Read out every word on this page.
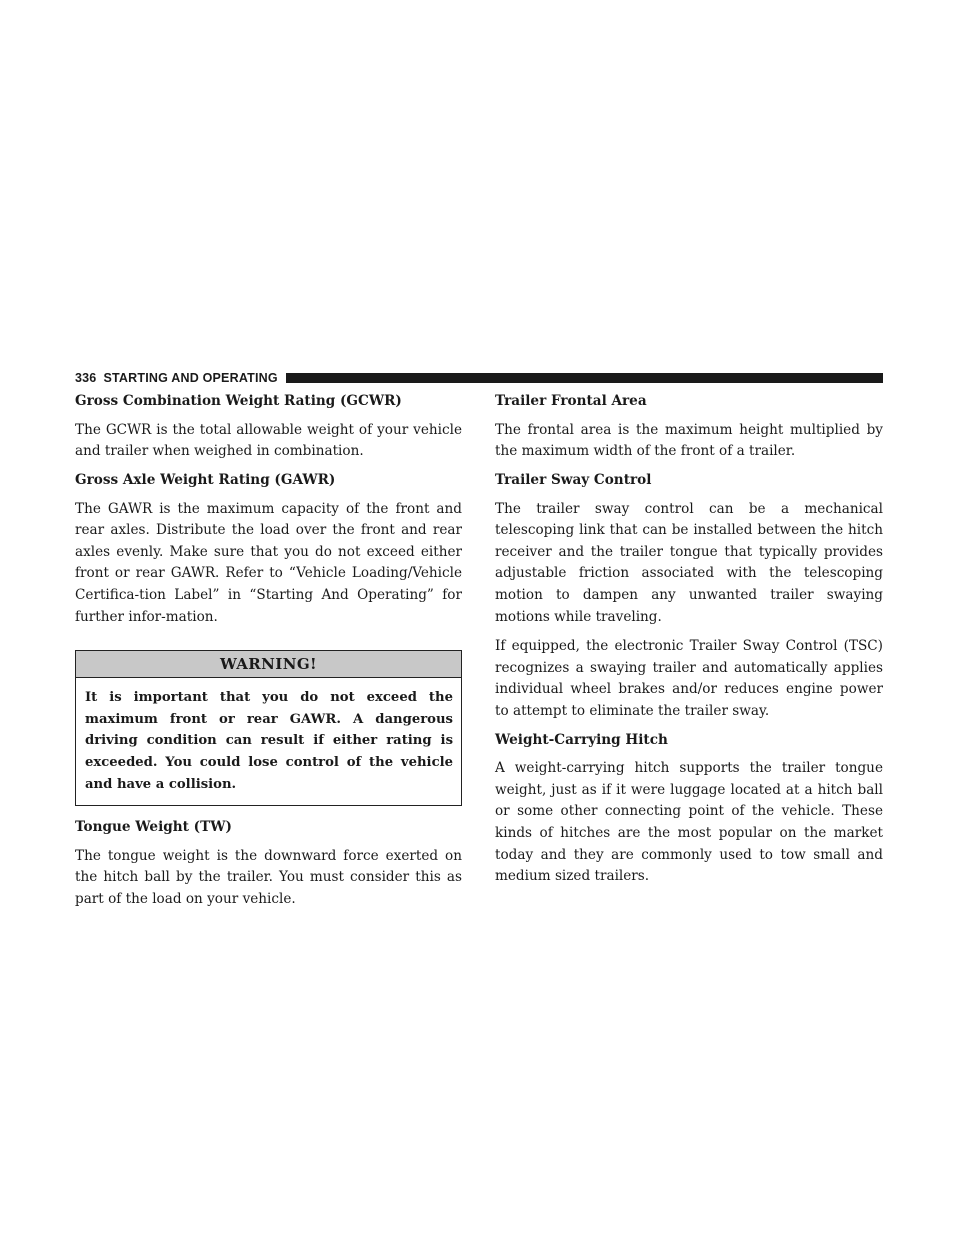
336 STARTING AND OPERATING
Gross Combination Weight Rating (GCWR)

The GCWR is the total allowable weight of your vehicle and trailer when weighed in combination.

Gross Axle Weight Rating (GAWR)

The GAWR is the maximum capacity of the front and rear axles. Distribute the load over the front and rear axles evenly. Make sure that you do not exceed either front or rear GAWR. Refer to “Vehicle Loading/Vehicle Certifica-tion Label” in “Starting And Operating” for further infor-mation.

WARNING!
It is important that you do not exceed the maximum front or rear GAWR. A dangerous driving condition can result if either rating is exceeded. You could lose control of the vehicle and have a collision.
Tongue Weight (TW)

The tongue weight is the downward force exerted on the hitch ball by the trailer. You must consider this as part of the load on your vehicle.

Trailer Frontal Area

The frontal area is the maximum height multiplied by the maximum width of the front of a trailer.

Trailer Sway Control

The trailer sway control can be a mechanical telescoping link that can be installed between the hitch receiver and the trailer tongue that typically provides adjustable friction associated with the telescoping motion to dampen any unwanted trailer swaying motions while traveling.

If equipped, the electronic Trailer Sway Control (TSC) recognizes a swaying trailer and automatically applies individual wheel brakes and/or reduces engine power to attempt to eliminate the trailer sway.

Weight-Carrying Hitch

A weight-carrying hitch supports the trailer tongue weight, just as if it were luggage located at a hitch ball or some other connecting point of the vehicle. These kinds of hitches are the most popular on the market today and they are commonly used to tow small and medium sized trailers.
